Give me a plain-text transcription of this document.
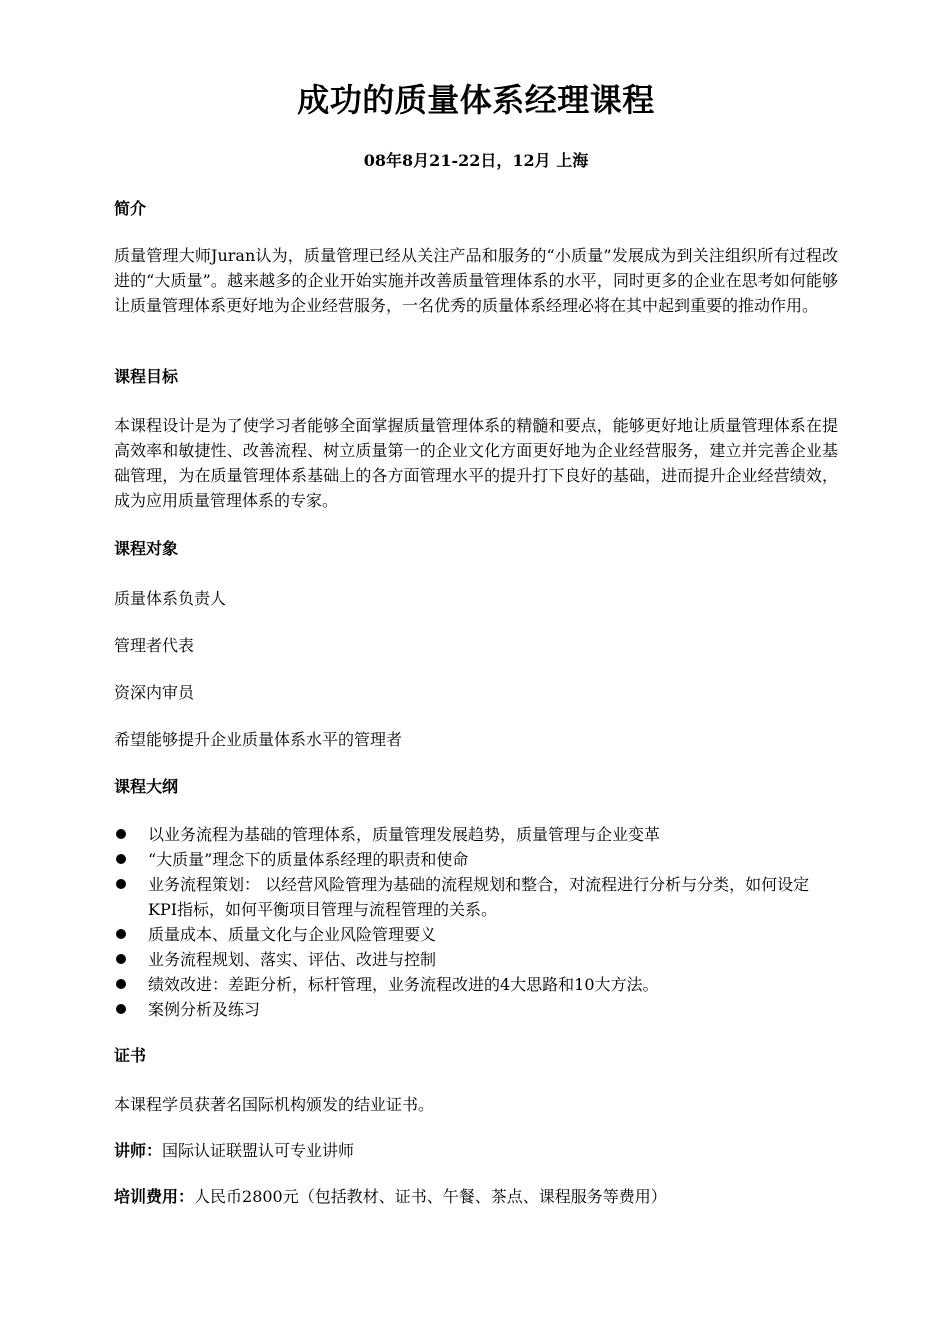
成功的质量体系经理课程
08年8月21-22日，12月 上海
简介
质量管理大师Juran认为，质量管理已经从关注产品和服务的“小质量”发展成为到关注组织所有过程改进的“大质量”。越来越多的企业开始实施并改善质量管理体系的水平，同时更多的企业在思考如何能够让质量管理体系更好地为企业经营服务，一名优秀的质量体系经理必将在其中起到重要的推动作用。
课程目标
本课程设计是为了使学习者能够全面掌握质量管理体系的精髓和要点，能够更好地让质量管理体系在提高效率和敏捷性、改善流程、树立质量第一的企业文化方面更好地为企业经营服务，建立并完善企业基础管理，为在质量管理体系基础上的各方面管理水平的提升打下良好的基础，进而提升企业经营绩效，成为应用质量管理体系的专家。
课程对象
质量体系负责人
管理者代表
资深内审员
希望能够提升企业质量体系水平的管理者
课程大纲
以业务流程为基础的管理体系，质量管理发展趋势，质量管理与企业变革
“大质量”理念下的质量体系经理的职责和使命
业务流程策划： 以经营风险管理为基础的流程规划和整合，对流程进行分析与分类，如何设定KPI指标，如何平衡项目管理与流程管理的关系。
质量成本、质量文化与企业风险管理要义
业务流程规划、落实、评估、改进与控制
绩效改进：差距分析，标杆管理，业务流程改进的4大思路和10大方法。
案例分析及练习
证书
本课程学员获著名国际机构颁发的结业证书。
讲师：国际认证联盟认可专业讲师
培训费用：人民币2800元（包括教材、证书、午餐、茶点、课程服务等费用）
